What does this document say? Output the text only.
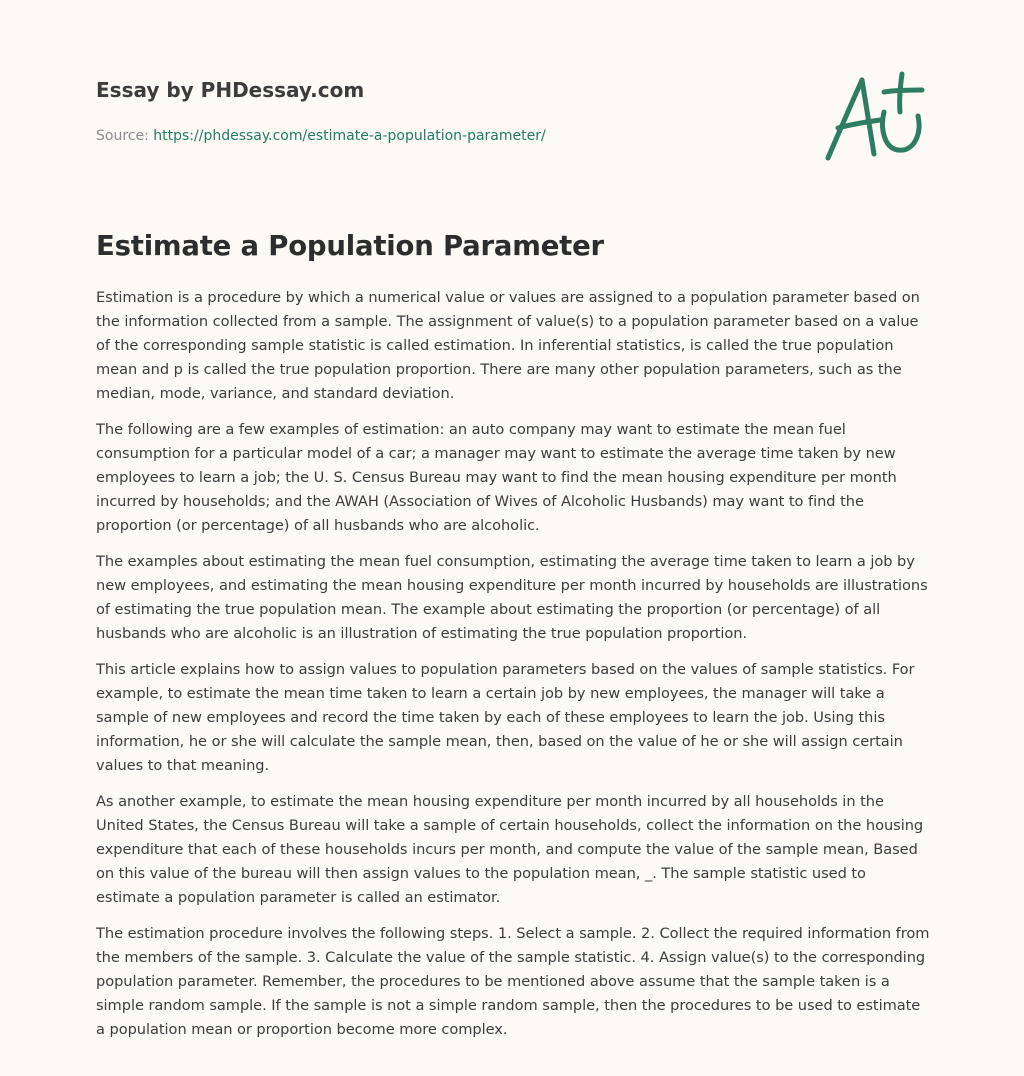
Essay by PHDessay.com
Source: https://phdessay.com/estimate-a-population-parameter/
Estimate a Population Parameter

Estimation is a procedure by which a numerical value or values are assigned to a population parameter based on the information collected from a sample. The assignment of value(s) to a population parameter based on a value of the corresponding sample statistic is called estimation. In inferential statistics, is called the true population mean and p is called the true population proportion. There are many other population parameters, such as the median, mode, variance, and standard deviation.

The following are a few examples of estimation: an auto company may want to estimate the mean fuel consumption for a particular model of a car; a manager may want to estimate the average time taken by new employees to learn a job; the U. S. Census Bureau may want to find the mean housing expenditure per month incurred by households; and the AWAH (Association of Wives of Alcoholic Husbands) may want to find the proportion (or percentage) of all husbands who are alcoholic.

The examples about estimating the mean fuel consumption, estimating the average time taken to learn a job by new employees, and estimating the mean housing expenditure per month incurred by households are illustrations of estimating the true population mean. The example about estimating the proportion (or percentage) of all husbands who are alcoholic is an illustration of estimating the true population proportion.

This article explains how to assign values to population parameters based on the values of sample statistics. For example, to estimate the mean time taken to learn a certain job by new employees, the manager will take a sample of new employees and record the time taken by each of these employees to learn the job. Using this information, he or she will calculate the sample mean, then, based on the value of he or she will assign certain values to that meaning.

As another example, to estimate the mean housing expenditure per month incurred by all households in the United States, the Census Bureau will take a sample of certain households, collect the information on the housing expenditure that each of these households incurs per month, and compute the value of the sample mean, Based on this value of the bureau will then assign values to the population mean, _. The sample statistic used to estimate a population parameter is called an estimator.

The estimation procedure involves the following steps. 1. Select a sample. 2. Collect the required information from the members of the sample. 3. Calculate the value of the sample statistic. 4. Assign value(s) to the corresponding population parameter. Remember, the procedures to be mentioned above assume that the sample taken is a simple random sample. If the sample is not a simple random sample, then the procedures to be used to estimate a population mean or proportion become more complex.
